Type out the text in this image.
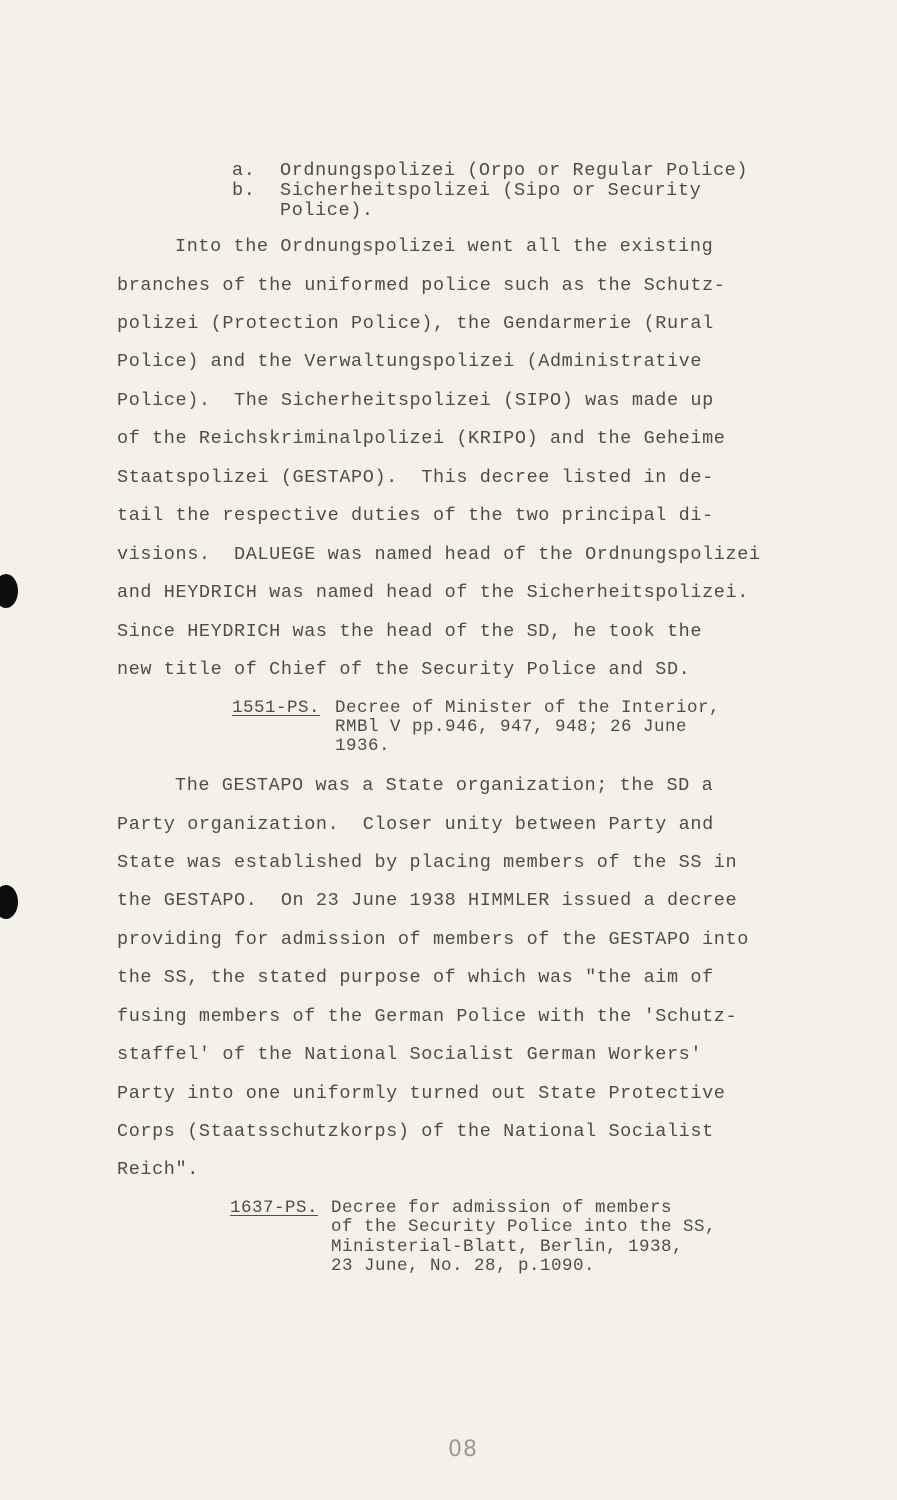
a. Ordnungspolizei (Orpo or Regular Police)
b. Sicherheitspolizei (Sipo or Security
Police).
Into the Ordnungspolizei went all the existing
branches of the uniformed police such as the Schutz-
polizei (Protection Police), the Gendarmerie (Rural
Police) and the Verwaltungspolizei (Administrative
Police).  The Sicherheitspolizei (SIPO) was made up
of the Reichskriminalpolizei (KRIPO) and the Geheime
Staatspolizei (GESTAPO).  This decree listed in de-
tail the respective duties of the two principal di-
visions.  DALUEGE was named head of the Ordnungspolizei
and HEYDRICH was named head of the Sicherheitspolizei.
Since HEYDRICH was the head of the SD, he took the
new title of Chief of the Security Police and SD.
1551-PS. Decree of Minister of the Interior,
RMBl V pp.946, 947, 948; 26 June
1936.
The GESTAPO was a State organization; the SD a
Party organization.  Closer unity between Party and
State was established by placing members of the SS in
the GESTAPO.  On 23 June 1938 HIMMLER issued a decree
providing for admission of members of the GESTAPO into
the SS, the stated purpose of which was "the aim of
fusing members of the German Police with the 'Schutz-
staffel' of the National Socialist German Workers'
Party into one uniformly turned out State Protective
Corps (Staatsschutzkorps) of the National Socialist
Reich".
1637-PS. Decree for admission of members
of the Security Police into the SS,
Ministerial-Blatt, Berlin, 1938,
23 June, No. 28, p.1090.
08
